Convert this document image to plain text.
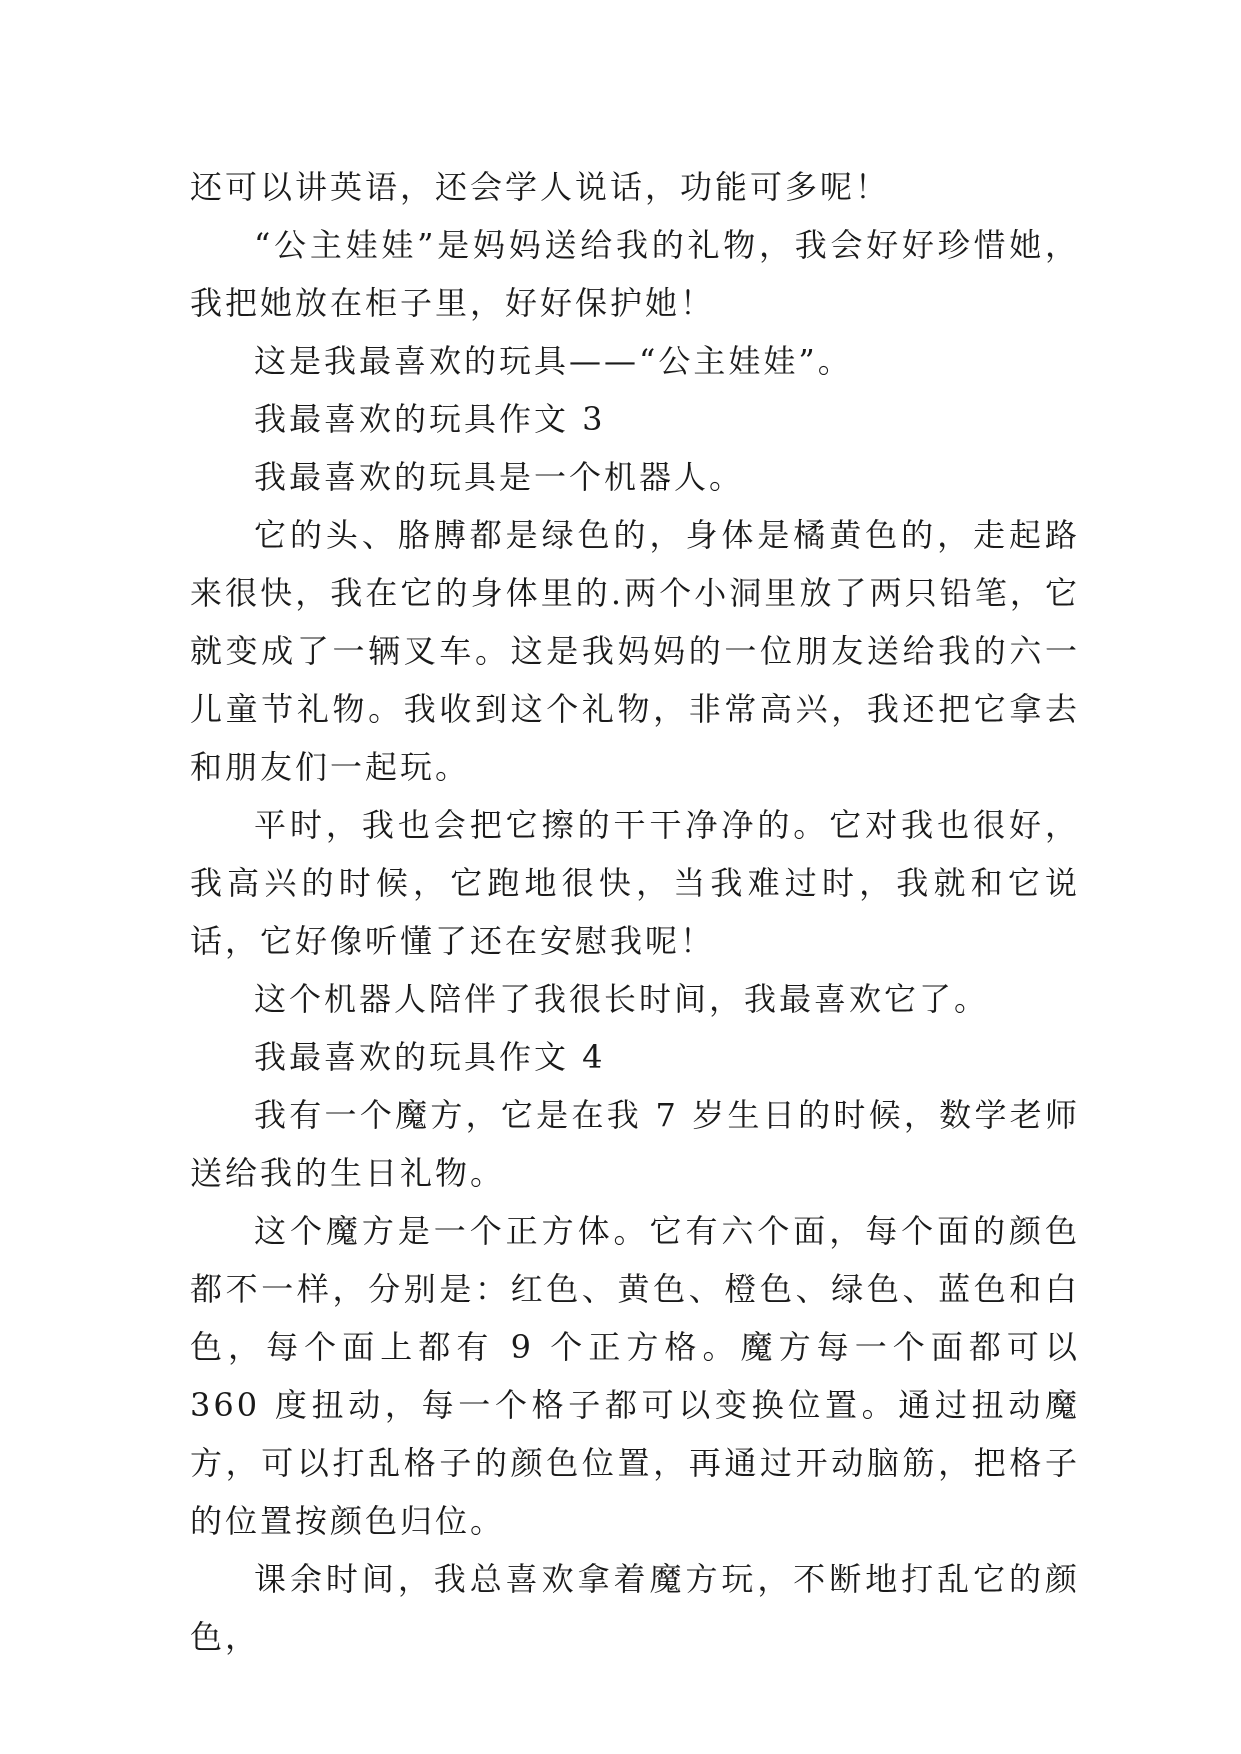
还可以讲英语，还会学人说话，功能可多呢！

“公主娃娃”是妈妈送给我的礼物，我会好好珍惜她，我把她放在柜子里，好好保护她！

这是我最喜欢的玩具——“公主娃娃”。

我最喜欢的玩具作文 3

我最喜欢的玩具是一个机器人。

它的头、胳膊都是绿色的，身体是橘黄色的，走起路来很快，我在它的身体里的.两个小洞里放了两只铅笔，它就变成了一辆叉车。这是我妈妈的一位朋友送给我的六一儿童节礼物。我收到这个礼物，非常高兴，我还把它拿去和朋友们一起玩。

平时，我也会把它擦的干干净净的。它对我也很好，我高兴的时候，它跑地很快，当我难过时，我就和它说话，它好像听懂了还在安慰我呢！

这个机器人陪伴了我很长时间，我最喜欢它了。

我最喜欢的玩具作文 4

我有一个魔方，它是在我 7 岁生日的时候，数学老师送给我的生日礼物。

这个魔方是一个正方体。它有六个面，每个面的颜色都不一样，分别是：红色、黄色、橙色、绿色、蓝色和白色，每个面上都有 9 个正方格。魔方每一个面都可以 360 度扭动，每一个格子都可以变换位置。通过扭动魔方，可以打乱格子的颜色位置，再通过开动脑筋，把格子的位置按颜色归位。

课余时间，我总喜欢拿着魔方玩，不断地打乱它的颜色，
